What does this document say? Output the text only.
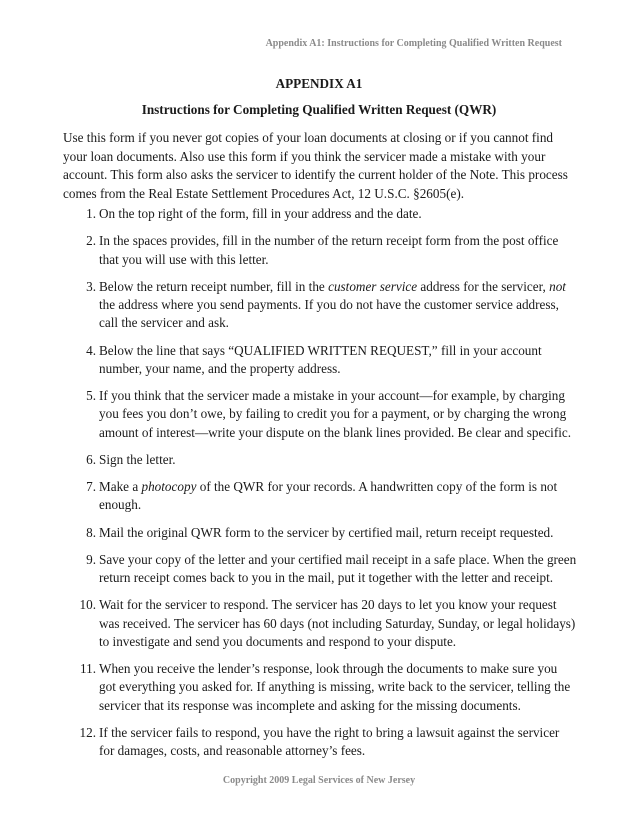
Appendix A1: Instructions for Completing Qualified Written Request
APPENDIX A1
Instructions for Completing Qualified Written Request (QWR)

Use this form if you never got copies of your loan documents at closing or if you cannot find your loan documents. Also use this form if you think the servicer made a mistake with your account. This form also asks the servicer to identify the current holder of the Note. This process comes from the Real Estate Settlement Procedures Act, 12 U.S.C. §2605(e).

1. On the top right of the form, fill in your address and the date.
2. In the spaces provides, fill in the number of the return receipt form from the post office that you will use with this letter.
3. Below the return receipt number, fill in the customer service address for the servicer, not the address where you send payments. If you do not have the customer service address, call the servicer and ask.
4. Below the line that says “QUALIFIED WRITTEN REQUEST,” fill in your account number, your name, and the property address.
5. If you think that the servicer made a mistake in your account—for example, by charging you fees you don’t owe, by failing to credit you for a payment, or by charging the wrong amount of interest—write your dispute on the blank lines provided. Be clear and specific.
6. Sign the letter.
7. Make a photocopy of the QWR for your records. A handwritten copy of the form is not enough.
8. Mail the original QWR form to the servicer by certified mail, return receipt requested.
9. Save your copy of the letter and your certified mail receipt in a safe place. When the green return receipt comes back to you in the mail, put it together with the letter and receipt.
10. Wait for the servicer to respond. The servicer has 20 days to let you know your request was received. The servicer has 60 days (not including Saturday, Sunday, or legal holidays) to investigate and send you documents and respond to your dispute.
11. When you receive the lender’s response, look through the documents to make sure you got everything you asked for. If anything is missing, write back to the servicer, telling the servicer that its response was incomplete and asking for the missing documents.
12. If the servicer fails to respond, you have the right to bring a lawsuit against the servicer for damages, costs, and reasonable attorney’s fees.
Copyright 2009 Legal Services of New Jersey
